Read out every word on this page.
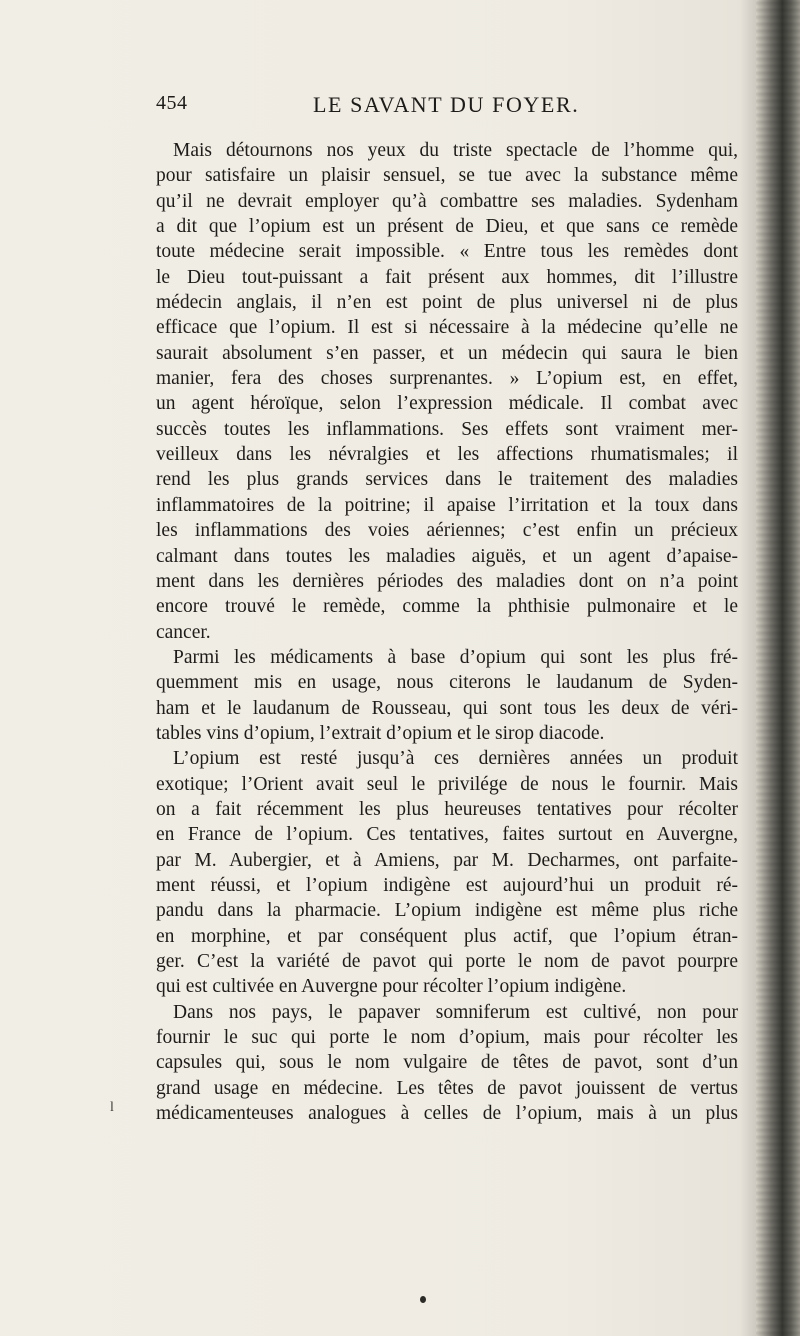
454	LE SAVANT DU FOYER.
Mais détournons nos yeux du triste spectacle de l’homme qui,
pour satisfaire un plaisir sensuel, se tue avec la substance même
qu’il ne devrait employer qu’à combattre ses maladies. Sydenham
a dit que l’opium est un présent de Dieu, et que sans ce remède
toute médecine serait impossible. « Entre tous les remèdes dont
le Dieu tout-puissant a fait présent aux hommes, dit l’illustre
médecin anglais, il n’en est point de plus universel ni de plus
efficace que l’opium. Il est si nécessaire à la médecine qu’elle ne
saurait absolument s’en passer, et un médecin qui saura le bien
manier, fera des choses surprenantes. » L’opium est, en effet,
un agent héroïque, selon l’expression médicale. Il combat avec
succès toutes les inflammations. Ses effets sont vraiment mer-
veilleux dans les névralgies et les affections rhumatismales; il
rend les plus grands services dans le traitement des maladies
inflammatoires de la poitrine; il apaise l’irritation et la toux dans
les inflammations des voies aériennes; c’est enfin un précieux
calmant dans toutes les maladies aiguës, et un agent d’apaise-
ment dans les dernières périodes des maladies dont on n’a point
encore trouvé le remède, comme la phthisie pulmonaire et le
cancer.
Parmi les médicaments à base d’opium qui sont les plus fré-
quemment mis en usage, nous citerons le laudanum de Syden-
ham et le laudanum de Rousseau, qui sont tous les deux de véri-
tables vins d’opium, l’extrait d’opium et le sirop diacode.
L’opium est resté jusqu’à ces dernières années un produit
exotique; l’Orient avait seul le privilége de nous le fournir. Mais
on a fait récemment les plus heureuses tentatives pour récolter
en France de l’opium. Ces tentatives, faites surtout en Auvergne,
par M. Aubergier, et à Amiens, par M. Decharmes, ont parfaite-
ment réussi, et l’opium indigène est aujourd’hui un produit ré-
pandu dans la pharmacie. L’opium indigène est même plus riche
en morphine, et par conséquent plus actif, que l’opium étran-
ger. C’est la variété de pavot qui porte le nom de pavot pourpre
qui est cultivée en Auvergne pour récolter l’opium indigène.
Dans nos pays, le papaver somniferum est cultivé, non pour
fournir le suc qui porte le nom d’opium, mais pour récolter les
capsules qui, sous le nom vulgaire de têtes de pavot, sont d’un
grand usage en médecine. Les têtes de pavot jouissent de vertus
médicamenteuses analogues à celles de l’opium, mais à un plus
l
